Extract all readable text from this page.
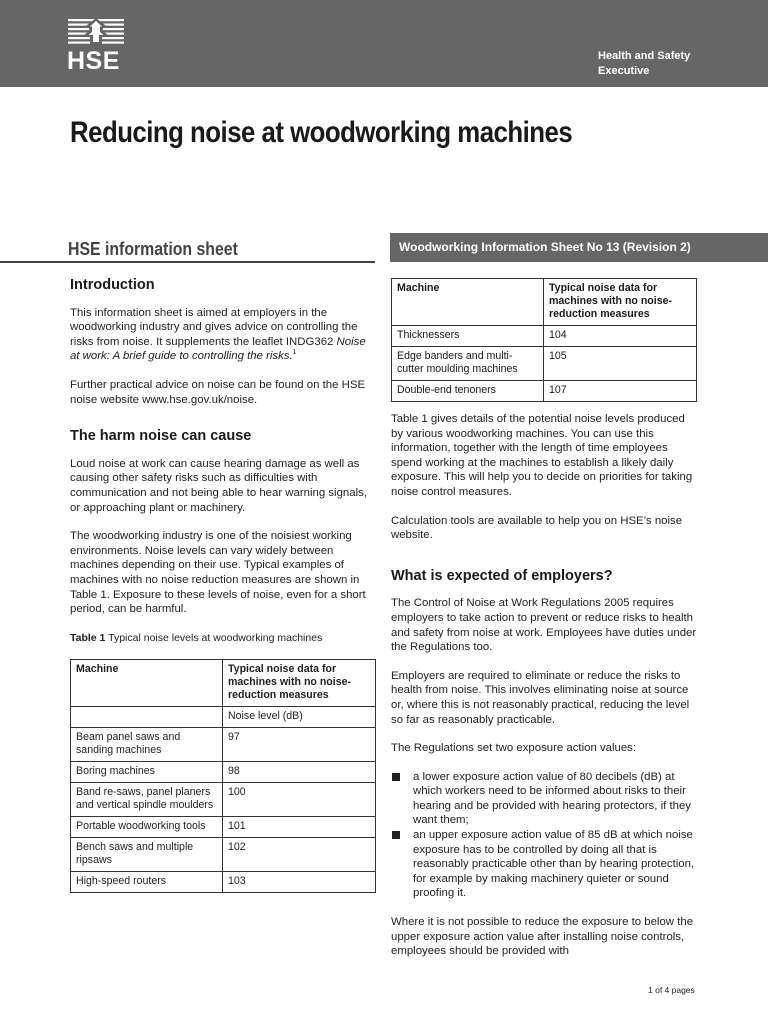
HSE	Health and Safety
Executive
Reducing noise at woodworking machines
HSE information sheet	Woodworking Information Sheet No 13 (Revision 2)
Introduction

This information sheet is aimed at employers in the woodworking industry and gives advice on controlling the risks from noise. It supplements the leaflet INDG362 Noise at work: A brief guide to controlling the risks.$^1$

Further practical advice on noise can be found on the HSE noise website www.hse.gov.uk/noise.

The harm noise can cause

Loud noise at work can cause hearing damage as well as causing other safety risks such as difficulties with communication and not being able to hear warning signals, or approaching plant or machinery.

The woodworking industry is one of the noisiest working environments. Noise levels can vary widely between machines depending on their use. Typical examples of machines with no noise reduction measures are shown in Table 1. Exposure to these levels of noise, even for a short period, can be harmful.

Table 1 Typical noise levels at woodworking machines

Machine	Typical noise data for machines with no noise-reduction measures
	Noise level (dB)
Beam panel saws and sanding machines	97
Boring machines	98
Band re-saws, panel planers and vertical spindle moulders	100
Portable woodworking tools	101
Bench saws and multiple ripsaws	102
High-speed routers	103
Machine	Typical noise data for machines with no noise-reduction measures
Thicknessers	104
Edge banders and multi-cutter moulding machines	105
Double-end tenoners	107

Table 1 gives details of the potential noise levels produced by various woodworking machines. You can use this information, together with the length of time employees spend working at the machines to establish a likely daily exposure. This will help you to decide on priorities for taking noise control measures.

Calculation tools are available to help you on HSE’s noise website.

What is expected of employers?

The Control of Noise at Work Regulations 2005 requires employers to take action to prevent or reduce risks to health and safety from noise at work. Employees have duties under the Regulations too.

Employers are required to eliminate or reduce the risks to health from noise. This involves eliminating noise at source or, where this is not reasonably practical, reducing the level so far as reasonably practicable.

The Regulations set two exposure action values:

a lower exposure action value of 80 decibels (dB) at which workers need to be informed about risks to their hearing and be provided with hearing protectors, if they want them;
an upper exposure action value of 85 dB at which noise exposure has to be controlled by doing all that is reasonably practicable other than by hearing protection, for example by making machinery quieter or sound proofing it.

Where it is not possible to reduce the exposure to below the upper exposure action value after installing noise controls, employees should be provided with

1 of 4 pages
